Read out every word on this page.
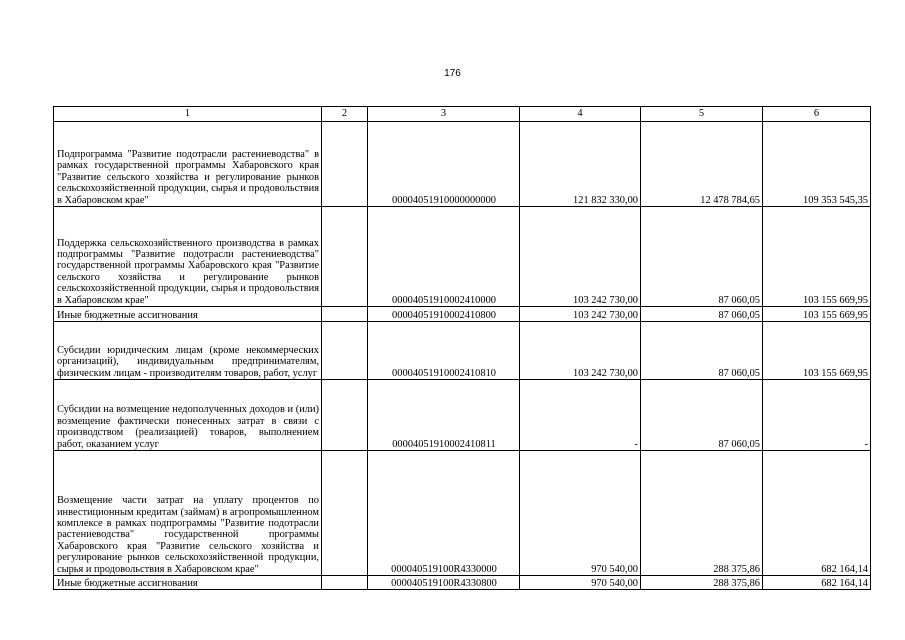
176
1	2	3	4	5	6
Подпрограмма "Развитие подотрасли растениеводства" в рамках государственной программы Хабаровского края "Развитие сельского хозяйства и регулирование рынков сельскохозяйственной продукции, сырья и продовольствия в Хабаровском крае"		00004051910000000000	121 832 330,00	12 478 784,65	109 353 545,35
Поддержка сельскохозяйственного производства в рамках подпрограммы "Развитие подотрасли растениеводства" государственной программы Хабаровского края "Развитие сельского хозяйства и регулирование рынков сельскохозяйственной продукции, сырья и продовольствия в Хабаровском крае"		00004051910002410000	103 242 730,00	87 060,05	103 155 669,95
Иные бюджетные ассигнования		00004051910002410800	103 242 730,00	87 060,05	103 155 669,95
Субсидии юридическим лицам (кроме некоммерческих организаций), индивидуальным предпринимателям, физическим лицам - производителям товаров, работ, услуг		00004051910002410810	103 242 730,00	87 060,05	103 155 669,95
Субсидии на возмещение недополученных доходов и (или) возмещение фактически понесенных затрат в связи с производством (реализацией) товаров, выполнением работ, оказанием услуг		00004051910002410811	-	87 060,05	-
Возмещение части затрат на уплату процентов по инвестиционным кредитам (займам) в агропромышленном комплексе в рамках подпрограммы "Развитие подотрасли растениеводства" государственной программы Хабаровского края "Развитие сельского хозяйства и регулирование рынков сельскохозяйственной продукции, сырья и продовольствия в Хабаровском крае"		000040519100R4330000	970 540,00	288 375,86	682 164,14
Иные бюджетные ассигнования		000040519100R4330800	970 540,00	288 375,86	682 164,14
